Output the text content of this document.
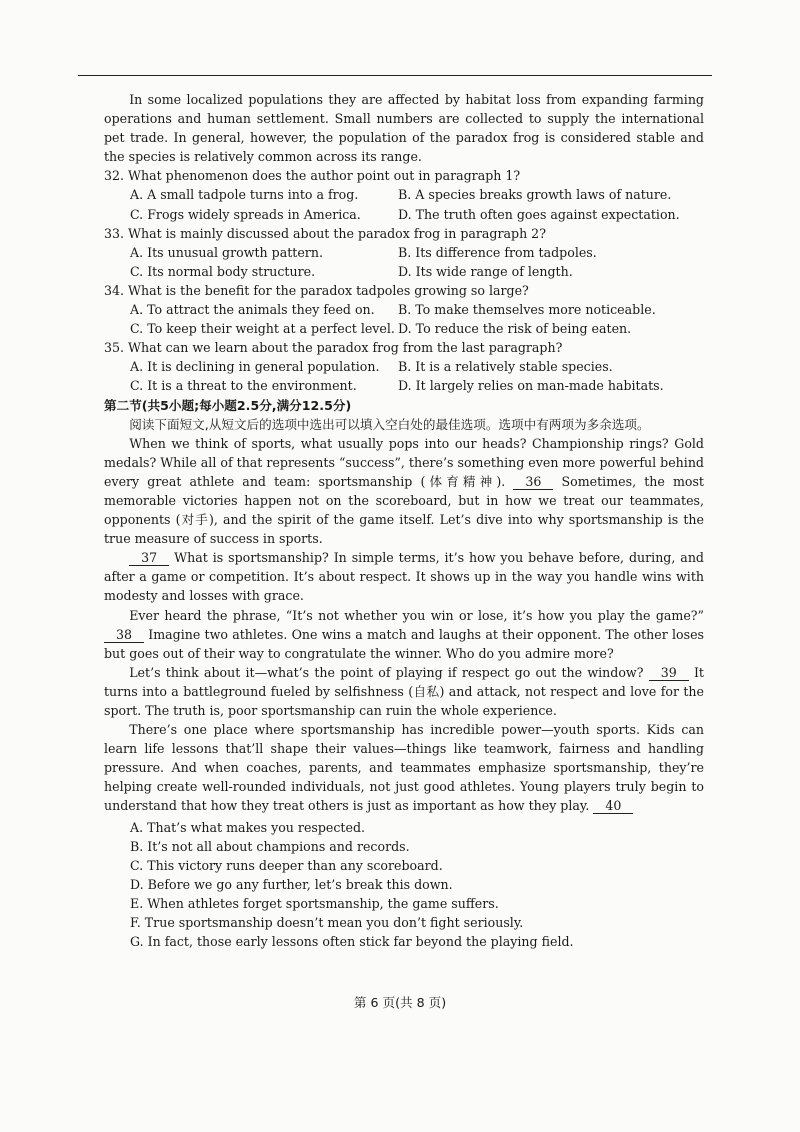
In some localized populations they are affected by habitat loss from expanding farming operations and human settlement. Small numbers are collected to supply the international pet trade. In general, however, the population of the paradox frog is considered stable and the species is relatively common across its range.

32. What phenomenon does the author point out in paragraph 1?
A. A small tadpole turns into a frog.	B. A species breaks growth laws of nature.
C. Frogs widely spreads in America.	D. The truth often goes against expectation.
33. What is mainly discussed about the paradox frog in paragraph 2?
A. Its unusual growth pattern.	B. Its difference from tadpoles.
C. Its normal body structure.	D. Its wide range of length.
34. What is the benefit for the paradox tadpoles growing so large?
A. To attract the animals they feed on.	B. To make themselves more noticeable.
C. To keep their weight at a perfect level. D. To reduce the risk of being eaten.
35. What can we learn about the paradox frog from the last paragraph?
A. It is declining in general population.	B. It is a relatively stable species.
C. It is a threat to the environment.	D. It largely relies on man-made habitats.
第二节(共5小题;每小题2.5分,满分12.5分)

阅读下面短文,从短文后的选项中选出可以填入空白处的最佳选项。选项中有两项为多余选项。

When we think of sports, what usually pops into our heads? Championship rings? Gold medals? While all of that represents “success”, there’s something even more powerful behind every great athlete and team: sportsmanship (体育精神). 36 Sometimes, the most memorable victories happen not on the scoreboard, but in how we treat our teammates, opponents (对手), and the spirit of the game itself. Let’s dive into why sportsmanship is the true measure of success in sports.

37 What is sportsmanship? In simple terms, it’s how you behave before, during, and after a game or competition. It’s about respect. It shows up in the way you handle wins with modesty and losses with grace.

Ever heard the phrase, “It’s not whether you win or lose, it’s how you play the game?” 38 Imagine two athletes. One wins a match and laughs at their opponent. The other loses but goes out of their way to congratulate the winner. Who do you admire more?

Let’s think about it—what’s the point of playing if respect go out the window? 39 It turns into a battleground fueled by selfishness (自私) and attack, not respect and love for the sport. The truth is, poor sportsmanship can ruin the whole experience.

There’s one place where sportsmanship has incredible power—youth sports. Kids can learn life lessons that’ll shape their values—things like teamwork, fairness and handling pressure. And when coaches, parents, and teammates emphasize sportsmanship, they’re helping create well-rounded individuals, not just good athletes. Young players truly begin to understand that how they treat others is just as important as how they play. 40

A. That’s what makes you respected.
B. It’s not all about champions and records.
C. This victory runs deeper than any scoreboard.
D. Before we go any further, let’s break this down.
E. When athletes forget sportsmanship, the game suffers.
F. True sportsmanship doesn’t mean you don’t fight seriously.
G. In fact, those early lessons often stick far beyond the playing field.
第 6 页(共 8 页)
